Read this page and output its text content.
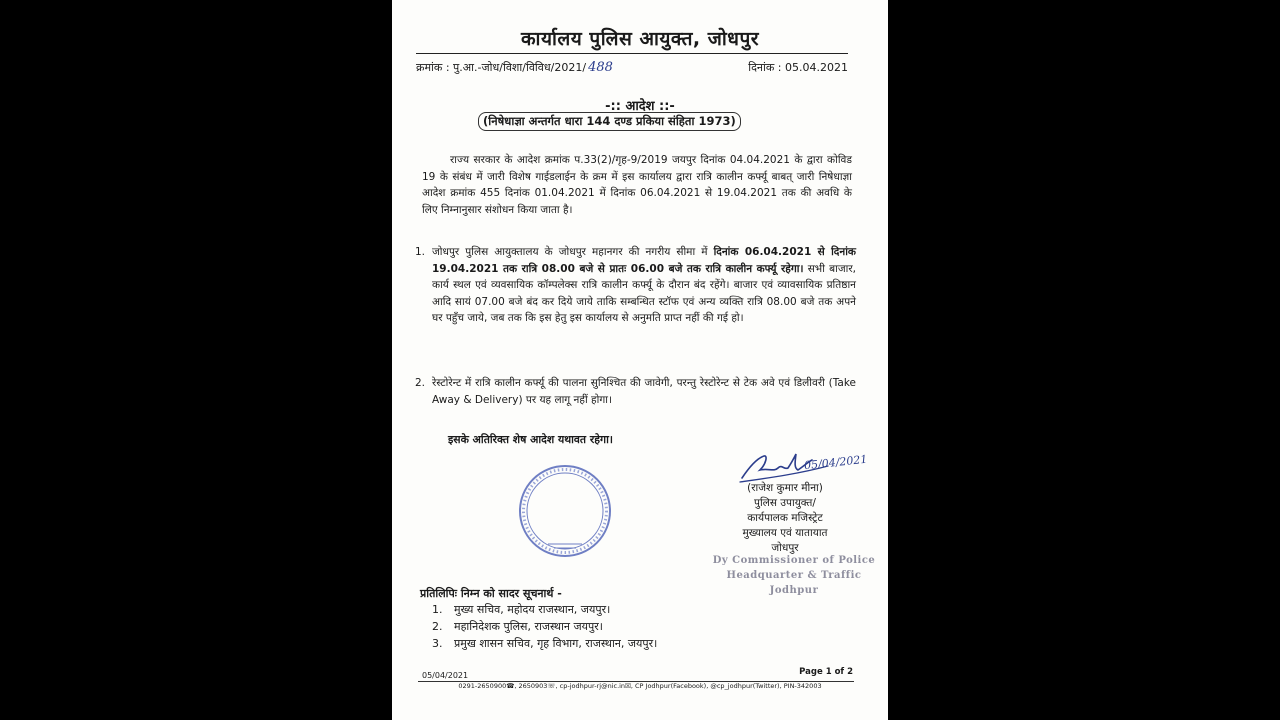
कार्यालय पुलिस आयुक्त, जोधपुर
क्रमांक : पु.आ.-जोध/विशा/विविध/2021/ 488	दिनांक : 05.04.2021
-:: आदेश ::-
(निषेधाज्ञा अन्तर्गत धारा 144 दण्ड प्रकिया संहिता 1973)
राज्य सरकार के आदेश क्रमांक प.33(2)/गृह-9/2019 जयपुर दिनांक 04.04.2021 के द्वारा कोविड 19 के संबंध में जारी विशेष गाईडलाईन के क्रम में इस कार्यालय द्वारा रात्रि कालीन कर्फ्यू बाबत् जारी निषेधाज्ञा आदेश क्रमांक 455 दिनांक 01.04.2021 में दिनांक 06.04.2021 से 19.04.2021 तक की अवधि के लिए निम्नानुसार संशोधन किया जाता है।
1. जोधपुर पुलिस आयुक्तालय के जोधपुर महानगर की नगरीय सीमा में दिनांक 06.04.2021 से दिनांक 19.04.2021 तक रात्रि 08.00 बजे से प्रातः 06.00 बजे तक रात्रि कालीन कर्फ्यू रहेगा। सभी बाजार, कार्य स्थल एवं व्यवसायिक कॉम्पलेक्स रात्रि कालीन कर्फ्यू के दौरान बंद रहेंगे। बाजार एवं व्यावसायिक प्रतिष्ठान आदि सायं 07.00 बजे बंद कर दिये जाये ताकि सम्बन्धित स्टॉफ एवं अन्य व्यक्ति रात्रि 08.00 बजे तक अपने घर पहुँच जाये, जब तक कि इस हेतु इस कार्यालय से अनुमति प्राप्त नहीं की गई हो।
2. रेस्टोरेन्ट में रात्रि कालीन कर्फ्यू की पालना सुनिश्चित की जावेगी, परन्तु रेस्टोरेन्ट से टेक अवे एवं डिलीवरी (Take Away & Delivery) पर यह लागू नहीं होगा।
इसके अतिरिक्त शेष आदेश यथावत रहेगा।
05/04/2021
(राजेश कुमार मीना)
पुलिस उपायुक्त/
कार्यपालक मजिस्ट्रेट
मुख्यालय एवं यातायात
जोधपुर
Dy Commissioner of Police
Headquarter & Traffic
Jodhpur
प्रतिलिपिः निम्न को सादर सूचनार्थ -
1. मुख्य सचिव, महोदय राजस्थान, जयपुर।
2. महानिदेशक पुलिस, राजस्थान जयपुर।
3. प्रमुख शासन सचिव, गृह विभाग, राजस्थान, जयपुर।
05/04/2021	Page 1 of 2
0291-2650900☎, 2650903☏, cp-jodhpur-rj@nic.in☒, CP Jodhpur(Facebook), @cp_jodhpur(Twitter), PIN-342003
